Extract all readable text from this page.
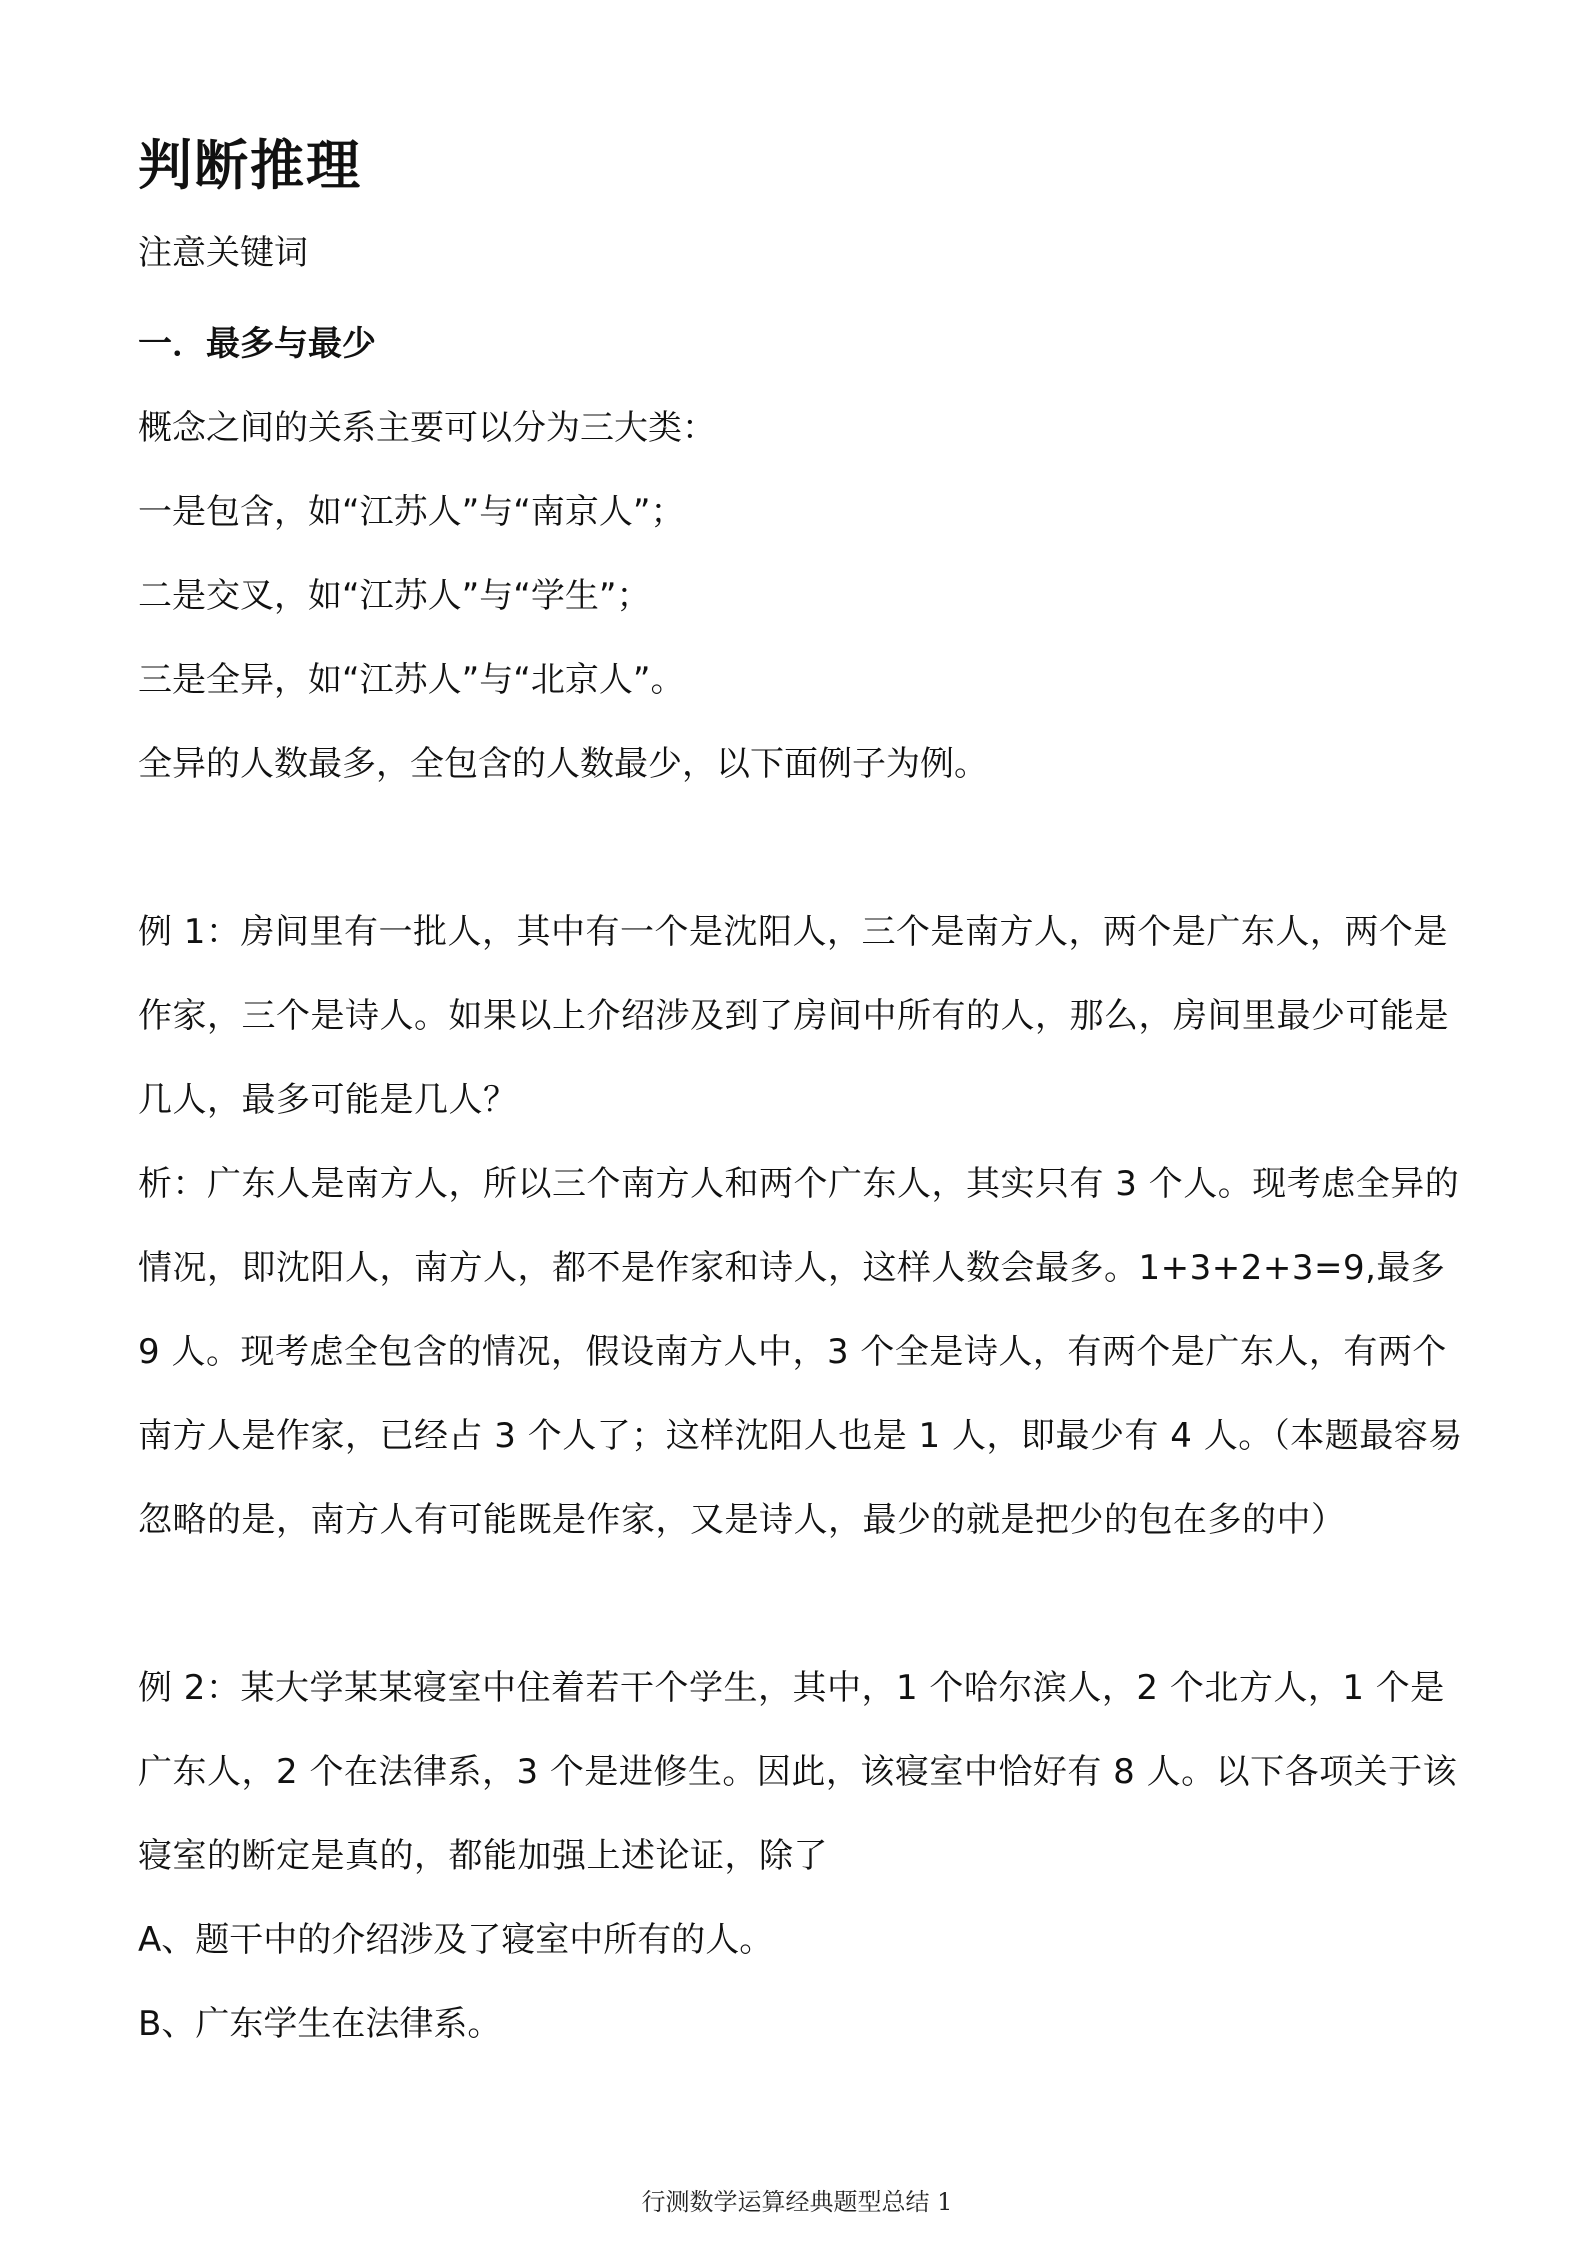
判断推理

注意关键词

一．最多与最少

概念之间的关系主要可以分为三大类：

一是包含，如“江苏人”与“南京人”；

二是交叉，如“江苏人”与“学生”；

三是全异，如“江苏人”与“北京人”。

全异的人数最多，全包含的人数最少，以下面例子为例。

例 1：房间里有一批人，其中有一个是沈阳人，三个是南方人，两个是广东人，两个是作家，三个是诗人。如果以上介绍涉及到了房间中所有的人，那么，房间里最少可能是几人，最多可能是几人？

析：广东人是南方人，所以三个南方人和两个广东人，其实只有 3 个人。现考虑全异的情况，即沈阳人，南方人，都不是作家和诗人，这样人数会最多。1+3+2+3=9,最多 9 人。现考虑全包含的情况，假设南方人中，3 个全是诗人，有两个是广东人，有两个南方人是作家，已经占 3 个人了；这样沈阳人也是 1 人，即最少有 4 人。（本题最容易忽略的是，南方人有可能既是作家，又是诗人，最少的就是把少的包在多的中）

例 2：某大学某某寝室中住着若干个学生，其中，1 个哈尔滨人，2 个北方人，1 个是广东人，2 个在法律系，3 个是进修生。因此，该寝室中恰好有 8 人。以下各项关于该寝室的断定是真的，都能加强上述论证，除了

A、题干中的介绍涉及了寝室中所有的人。

B、广东学生在法律系。

行测数学运算经典题型总结 1
